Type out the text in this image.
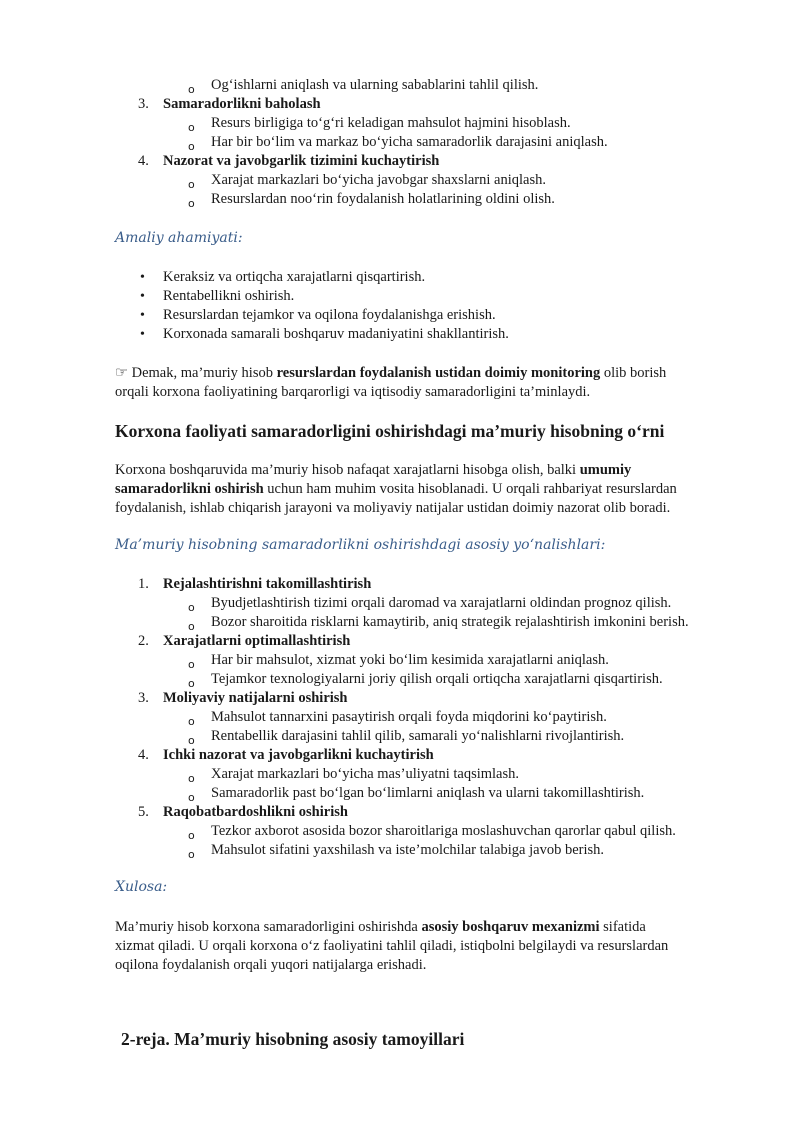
o Og‘ishlarni aniqlash va ularning sabablarini tahlil qilish.
3. Samaradorlikni baholash
o Resurs birligiga to‘g‘ri keladigan mahsulot hajmini hisoblash.
o Har bir bo‘lim va markaz bo‘yicha samaradorlik darajasini aniqlash.
4. Nazorat va javobgarlik tizimini kuchaytirish
o Xarajat markazlari bo‘yicha javobgar shaxslarni aniqlash.
o Resurslardan noo‘rin foydalanish holatlarining oldini olish.
Amaliy ahamiyati:
• Keraksiz va ortiqcha xarajatlarni qisqartirish.
• Rentabellikni oshirish.
• Resurslardan tejamkor va oqilona foydalanishga erishish.
• Korxonada samarali boshqaruv madaniyatini shakllantirish.
☞ Demak, ma’muriy hisob resurslardan foydalanish ustidan doimiy monitoring olib borish
orqali korxona faoliyatining barqarorligi va iqtisodiy samaradorligini ta’minlaydi.
Korxona faoliyati samaradorligini oshirishdagi ma’muriy hisobning o‘rni
Korxona boshqaruvida ma’muriy hisob nafaqat xarajatlarni hisobga olish, balki umumiy
samaradorlikni oshirish uchun ham muhim vosita hisoblanadi. U orqali rahbariyat resurslardan
foydalanish, ishlab chiqarish jarayoni va moliyaviy natijalar ustidan doimiy nazorat olib boradi.
Ma’muriy hisobning samaradorlikni oshirishdagi asosiy yo‘nalishlari:
1. Rejalashtirishni takomillashtirish
o Byudjetlashtirish tizimi orqali daromad va xarajatlarni oldindan prognoz qilish.
o Bozor sharoitida risklarni kamaytirib, aniq strategik rejalashtirish imkonini berish.
2. Xarajatlarni optimallashtirish
o Har bir mahsulot, xizmat yoki bo‘lim kesimida xarajatlarni aniqlash.
o Tejamkor texnologiyalarni joriy qilish orqali ortiqcha xarajatlarni qisqartirish.
3. Moliyaviy natijalarni oshirish
o Mahsulot tannarxini pasaytirish orqali foyda miqdorini ko‘paytirish.
o Rentabellik darajasini tahlil qilib, samarali yo‘nalishlarni rivojlantirish.
4. Ichki nazorat va javobgarlikni kuchaytirish
o Xarajat markazlari bo‘yicha mas’uliyatni taqsimlash.
o Samaradorlik past bo‘lgan bo‘limlarni aniqlash va ularni takomillashtirish.
5. Raqobatbardoshlikni oshirish
o Tezkor axborot asosida bozor sharoitlariga moslashuvchan qarorlar qabul qilish.
o Mahsulot sifatini yaxshilash va iste’molchilar talabiga javob berish.
Xulosa:
Ma’muriy hisob korxona samaradorligini oshirishda asosiy boshqaruv mexanizmi sifatida
xizmat qiladi. U orqali korxona o‘z faoliyatini tahlil qiladi, istiqbolni belgilaydi va resurslardan
oqilona foydalanish orqali yuqori natijalarga erishadi.
2-reja. Ma’muriy hisobning asosiy tamoyillari
